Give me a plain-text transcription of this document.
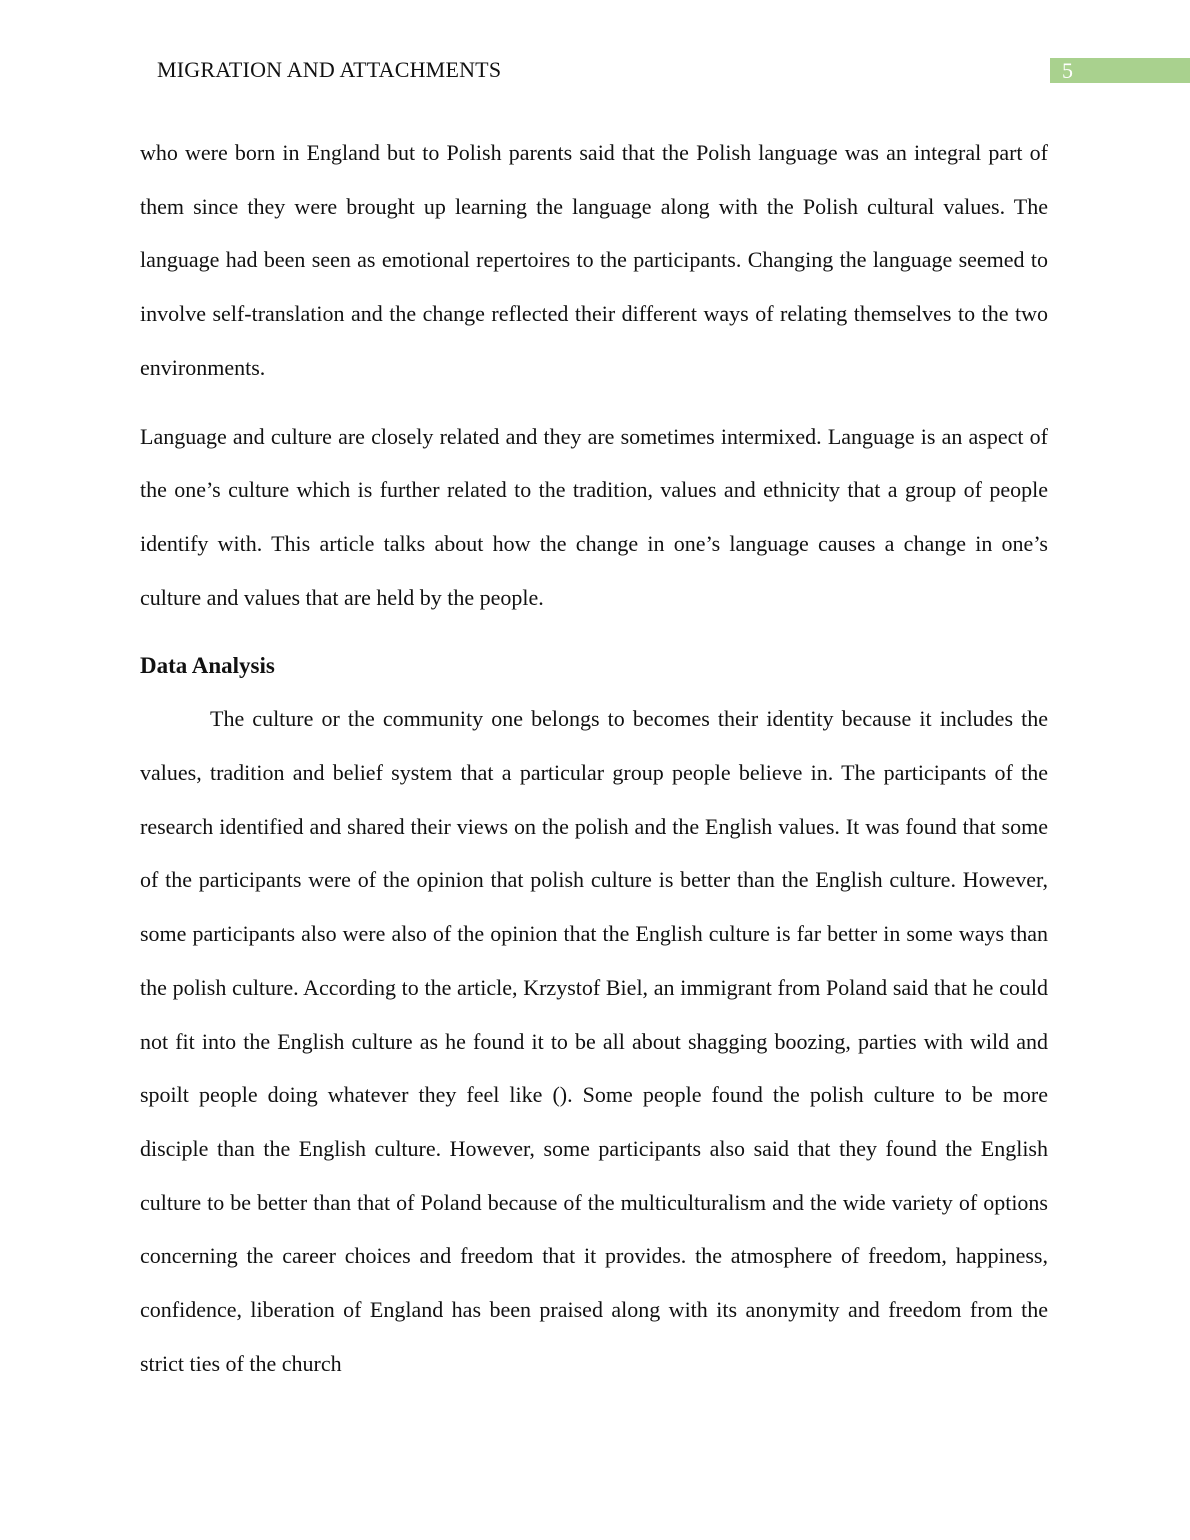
MIGRATION AND ATTACHMENTS	5

who were born in England but to Polish parents said that the Polish language was an integral part of them since they were brought up learning the language along with the Polish cultural values. The language had been seen as emotional repertoires to the participants. Changing the language seemed to involve self-translation and the change reflected their different ways of relating themselves to the two environments.

Language and culture are closely related and they are sometimes intermixed. Language is an aspect of the one’s culture which is further related to the tradition, values and ethnicity that a group of people identify with. This article talks about how the change in one’s language causes a change in one’s culture and values that are held by the people.

Data Analysis

The culture or the community one belongs to becomes their identity because it includes the values, tradition and belief system that a particular group people believe in. The participants of the research identified and shared their views on the polish and the English values. It was found that some of the participants were of the opinion that polish culture is better than the English culture. However, some participants also were also of the opinion that the English culture is far better in some ways than the polish culture. According to the article, Krzystof Biel, an immigrant from Poland said that he could not fit into the English culture as he found it to be all about shagging boozing, parties with wild and spoilt people doing whatever they feel like (). Some people found the polish culture to be more disciple than the English culture. However, some participants also said that they found the English culture to be better than that of Poland because of the multiculturalism and the wide variety of options concerning the career choices and freedom that it provides. the atmosphere of freedom, happiness, confidence, liberation of England has been praised along with its anonymity and freedom from the strict ties of the church
